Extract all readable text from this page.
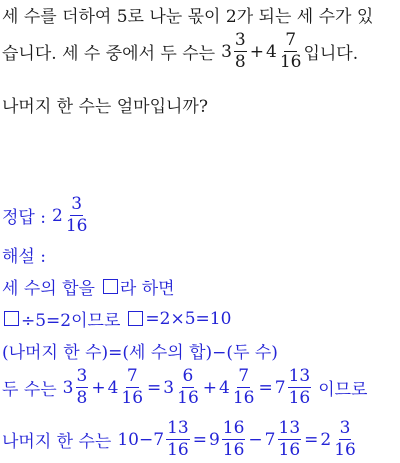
세 수를 더하여 5로 나눈 몫이 2가 되는 세 수가 있
습니다. 세 수 중에서 두 수는 $3 \frac{3}{8} + 4 \frac{7}{16}$ 입니다.
나머지 한 수는 얼마입니까?
정답 : $2 \frac{3}{16}$
해설 :
세 수의 합을 라 하면
÷5=2이므로 =2×5=10
(나머지 한 수)=(세 수의 합)−(두 수)
두 수는 $3 \frac{3}{8} + 4 \frac{7}{16} = 3 \frac{6}{16} + 4 \frac{7}{16} = 7 \frac{13}{16}$ 이므로
나머지 한 수는 $10- 7 \frac{13}{16} = 9 \frac{16}{16} - 7 \frac{13}{16} = 2 \frac{3}{16}$
